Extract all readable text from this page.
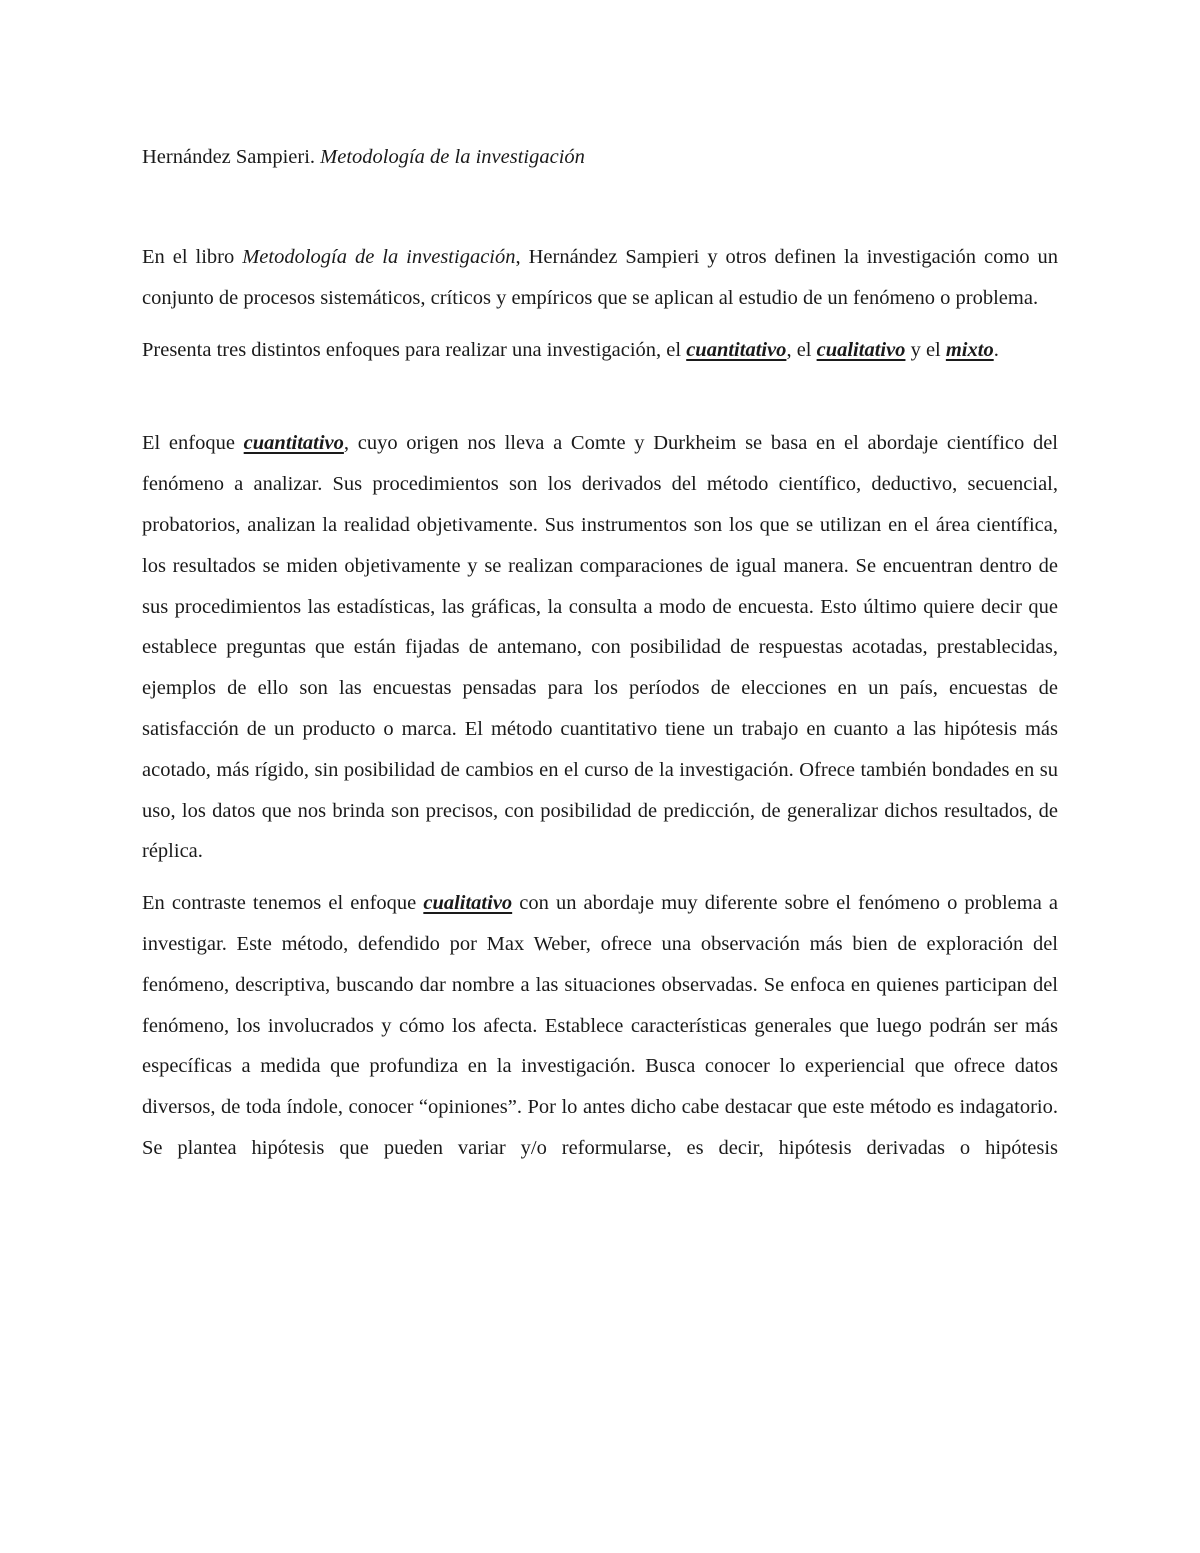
Hernández Sampieri. Metodología de la investigación

En el libro Metodología de la investigación, Hernández Sampieri y otros definen la investigación como un conjunto de procesos sistemáticos, críticos y empíricos que se aplican al estudio de un fenómeno o problema.

Presenta tres distintos enfoques para realizar una investigación, el cuantitativo, el cualitativo y el mixto.

El enfoque cuantitativo, cuyo origen nos lleva a Comte y Durkheim se basa en el abordaje científico del fenómeno a analizar. Sus procedimientos son los derivados del método científico, deductivo, secuencial, probatorios, analizan la realidad objetivamente. Sus instrumentos son los que se utilizan en el área científica, los resultados se miden objetivamente y se realizan comparaciones de igual manera. Se encuentran dentro de sus procedimientos las estadísticas, las gráficas, la consulta a modo de encuesta. Esto último quiere decir que establece preguntas que están fijadas de antemano, con posibilidad de respuestas acotadas, prestablecidas, ejemplos de ello son las encuestas pensadas para los períodos de elecciones en un país, encuestas de satisfacción de un producto o marca. El método cuantitativo tiene un trabajo en cuanto a las hipótesis más acotado, más rígido, sin posibilidad de cambios en el curso de la investigación. Ofrece también bondades en su uso, los datos que nos brinda son precisos, con posibilidad de predicción, de generalizar dichos resultados, de réplica.

En contraste tenemos el enfoque cualitativo con un abordaje muy diferente sobre el fenómeno o problema a investigar. Este método, defendido por Max Weber, ofrece una observación más bien de exploración del fenómeno, descriptiva, buscando dar nombre a las situaciones observadas. Se enfoca en quienes participan del fenómeno, los involucrados y cómo los afecta. Establece características generales que luego podrán ser más específicas a medida que profundiza en la investigación. Busca conocer lo experiencial que ofrece datos diversos, de toda índole, conocer “opiniones”. Por lo antes dicho cabe destacar que este método es indagatorio. Se plantea hipótesis que pueden variar y/o reformularse, es decir, hipótesis derivadas o hipótesis
